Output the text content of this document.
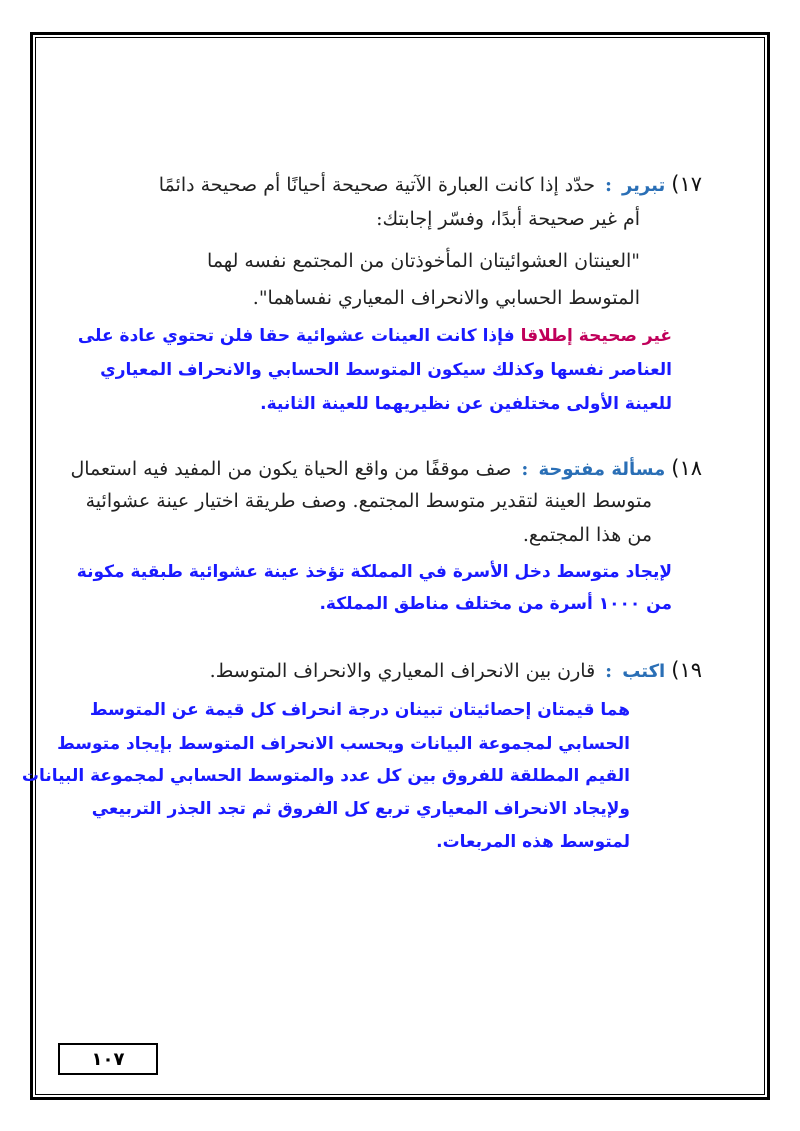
١٧)تبرير:حدّد إذا كانت العبارة الآتية صحيحة أحيانًا أم صحيحة دائمًا

أم غير صحيحة أبدًا، وفسّر إجابتك:

"العينتان العشوائيتان المأخوذتان من المجتمع نفسه لهما

المتوسط الحسابي والانحراف المعياري نفساهما".

غير صحيحة إطلاقا فإذا كانت العينات عشوائية حقا فلن تحتوي عادة على

العناصر نفسها وكذلك سيكون المتوسط الحسابي والانحراف المعياري

للعينة الأولى مختلفين عن نظيريهما للعينة الثانية.

١٨)مسألة مفتوحة:صف موقفًا من واقع الحياة يكون من المفيد فيه استعمال

متوسط العينة لتقدير متوسط المجتمع. وصف طريقة اختيار عينة عشوائية

من هذا المجتمع.

لإيجاد متوسط دخل الأسرة في المملكة تؤخذ عينة عشوائية طبقية مكونة

من ١٠٠٠ أسرة من مختلف مناطق المملكة.

١٩)اكتب:قارن بين الانحراف المعياري والانحراف المتوسط.

هما قيمتان إحصائيتان تبينان درجة انحراف كل قيمة عن المتوسط

الحسابي لمجموعة البيانات ويحسب الانحراف المتوسط بإيجاد متوسط

القيم المطلقة للفروق بين كل عدد والمتوسط الحسابي لمجموعة البيانات

ولإيجاد الانحراف المعياري تربع كل الفروق ثم تجد الجذر التربيعي

لمتوسط هذه المربعات.

١٠٧
